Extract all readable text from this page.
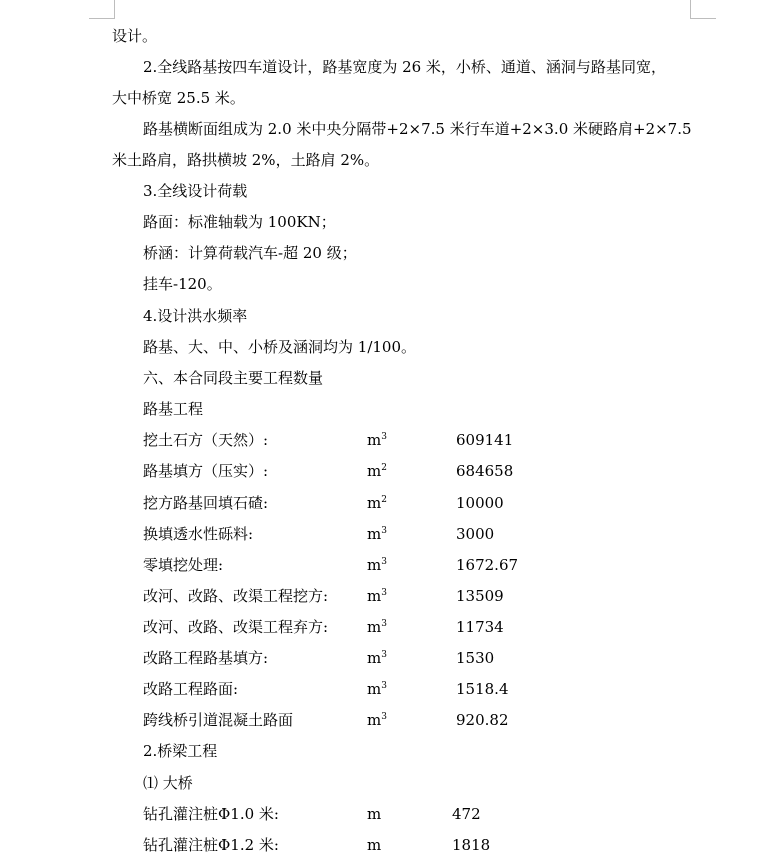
设计。
2.全线路基按四车道设计，路基宽度为 26 米，小桥、通道、涵洞与路基同宽，
大中桥宽 25.5 米。
路基横断面组成为 2.0 米中央分隔带+2×7.5 米行车道+2×3.0 米硬路肩+2×7.5
米土路肩，路拱横坡 2%，土路肩 2%。
3.全线设计荷载
路面：标准轴载为 100KN；
桥涵：计算荷载汽车-超 20 级；
挂车-120。
4.设计洪水频率
路基、大、中、小桥及涵洞均为 1/100。
六、本合同段主要工程数量
路基工程
挖土石方（天然）:	$m^3$	609141
路基填方（压实）:	$m^2$	684658
挖方路基回填石碴:	$m^2$	10000
换填透水性砾料:	$m^3$	3000
零填挖处理:	$m^3$	1672.67
改河、改路、改渠工程挖方:	$m^3$	13509
改河、改路、改渠工程弃方:	$m^3$	11734
改路工程路基填方:	$m^3$	1530
改路工程路面:	$m^3$	1518.4
跨线桥引道混凝土路面	$m^3$	920.82
2.桥梁工程
⑴ 大桥
钻孔灌注桩Φ1.0 米:	m	472
钻孔灌注桩Φ1.2 米:	m	1818
